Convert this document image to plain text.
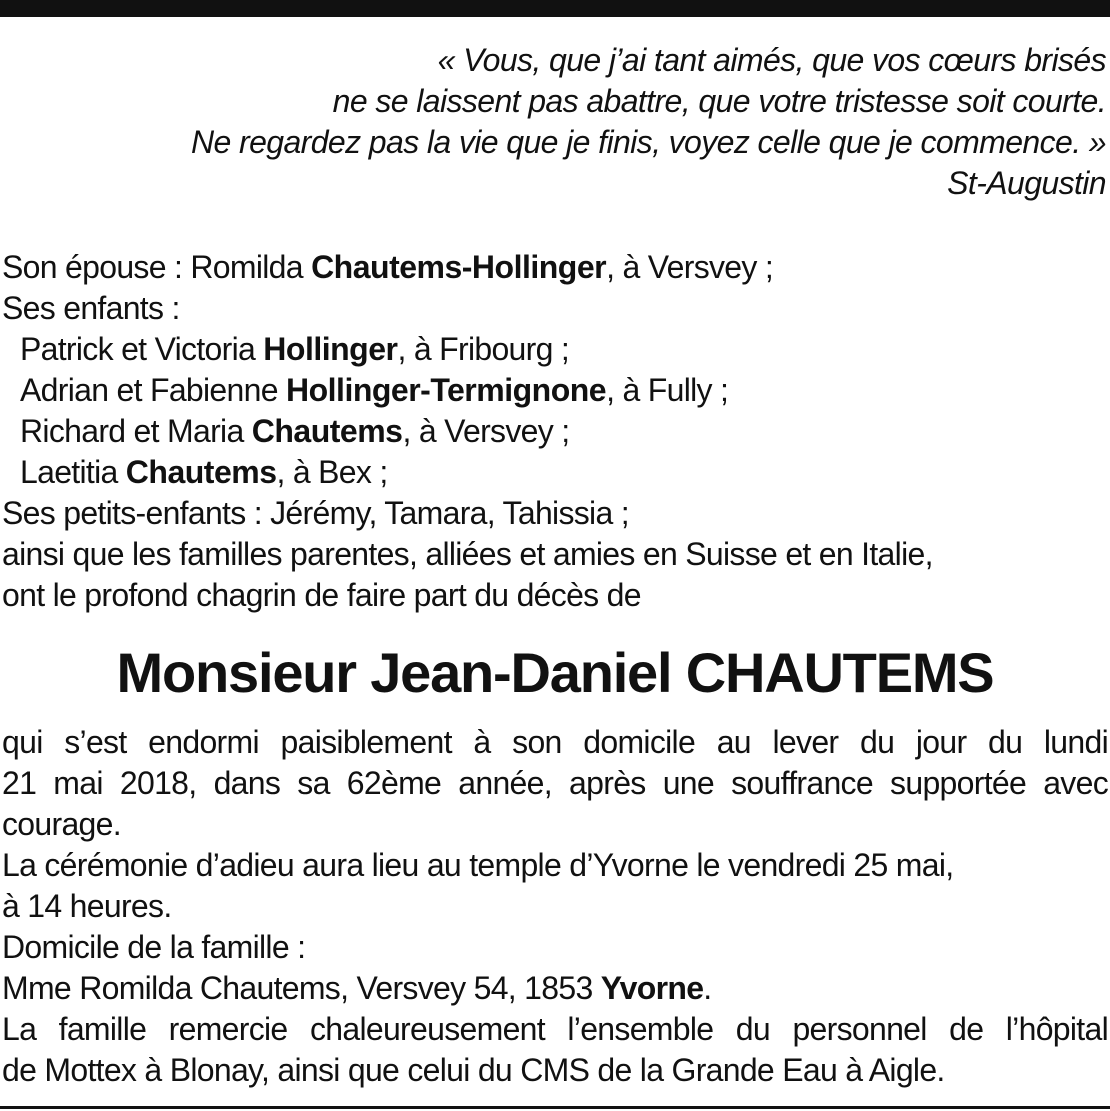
« Vous, que j’ai tant aimés, que vos cœurs brisés
ne se laissent pas abattre, que votre tristesse soit courte.
Ne regardez pas la vie que je finis, voyez celle que je commence. »
St-Augustin
Son épouse : Romilda Chautems-Hollinger, à Versvey ;
Ses enfants :
Patrick et Victoria Hollinger, à Fribourg ;
Adrian et Fabienne Hollinger-Termignone, à Fully ;
Richard et Maria Chautems, à Versvey ;
Laetitia Chautems, à Bex ;
Ses petits-enfants : Jérémy, Tamara, Tahissia ;
ainsi que les familles parentes, alliées et amies en Suisse et en Italie,
ont le profond chagrin de faire part du décès de
Monsieur Jean-Daniel CHAUTEMS
qui s’est endormi paisiblement à son domicile au lever du jour du lundi
21 mai 2018, dans sa 62ème année, après une souffrance supportée avec
courage.
La cérémonie d’adieu aura lieu au temple d’Yvorne le vendredi 25 mai,
à 14 heures.
Domicile de la famille :
Mme Romilda Chautems, Versvey 54, 1853 Yvorne.
La famille remercie chaleureusement l’ensemble du personnel de l’hôpital
de Mottex à Blonay, ainsi que celui du CMS de la Grande Eau à Aigle.
